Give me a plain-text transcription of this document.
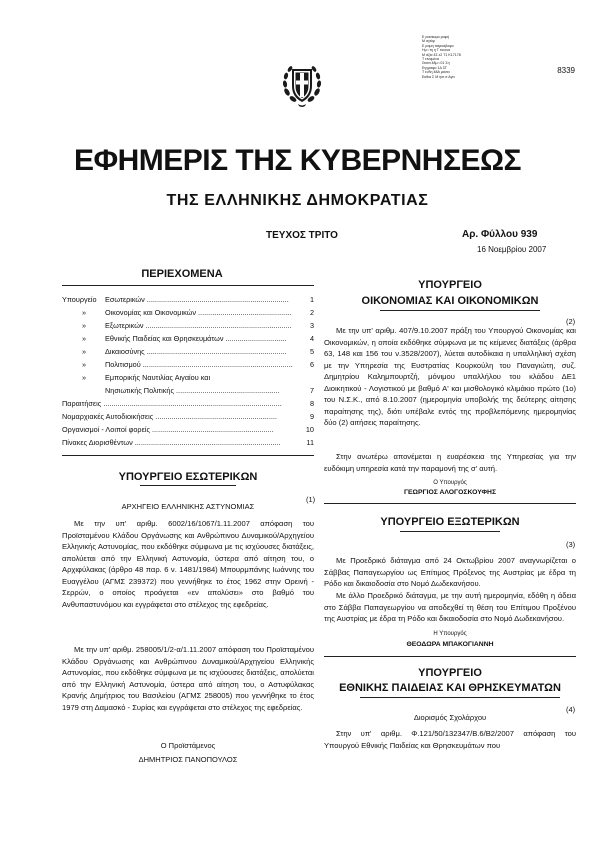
Ε ρασκαμο ροφή
Μ αγιάμ
Ε ραμη παροαβοφο
Ημ ι τη η Τ τοιουα
Μ άζια 4Σ ε2 Τ1 Κ17178
Τ ειναμένα
Στασι 48μ ι 01 Ση
Εγγραφο 1Δ 3Τ
Τ ενδη 48Α μανια
Εκθια Σ Μ ησι σ Αγιν
8339
ΕΦΗΜΕΡΙΣ ΤΗΣ ΚΥΒΕΡΝΗΣΕΩΣ
ΤΗΣ ΕΛΛΗΝΙΚΗΣ ΔΗΜΟΚΡΑΤΙΑΣ
ΤΕΥΧΟΣ ΤΡΙΤΟ	Αρ. Φύλλου 939
16 Νοεμβρίου 2007
ΠΕΡΙΕΧΟΜΕΝΑ
Υπουργείο	Εσωτερικών ......................................................................	1
»	Οικονομίας και Οικονομικών ..............................................	2
»	Εξωτερικών ........................................................................	3
»	Εθνικής Παιδείας και Θρησκευμάτων ..............................	4
»	Δικαιοσύνης .....................................................................	5
»	Πολιτισμού ..........................................................................	6
»	Εμπορικής Ναυτιλίας Αιγαίου και
Νησιωτικής Πολιτικής ...................................................	7
Παραιτήσεις ........................................................................................	8
Νομαρχιακές Αυτοδιοικήσεις ............................................................	9
Οργανισμοί - Λοιποί φορείς ............................................................	10
Πίνακες Διορισθέντων ........................................................................	11
ΥΠΟΥΡΓΕΙΟ ΕΣΩΤΕΡΙΚΩΝ
(1)
ΑΡΧΗΓΕΙΟ ΕΛΛΗΝΙΚΗΣ ΑΣΤΥΝΟΜΙΑΣ

Με την υπ' αριθμ. 6002/16/1067/1.11.2007 απόφαση του Προϊσταμένου Κλάδου Οργάνωσης και Ανθρώπινου Δυναμικού/Αρχηγείου Ελληνικής Αστυνομίας, που εκδόθηκε σύμφωνα με τις ισχύουσες διατάξεις, απολύεται από την Ελληνική Αστυνομία, ύστερα από αίτηση του, ο Αρχιφύλακας (άρθρο 48 παρ. 6 ν. 1481/1984) Μπουρμπάνης Ιωάννης του Ευαγγέλου (ΑΓΜΣ 239372) που γεννήθηκε το έτος 1962 στην Ορεινή - Σερρών, ο οποίος προάγεται «εν απολύσει» στο βαθμό του Ανθυπαστυνόμου και εγγράφεται στο στέλεχος της εφεδρείας.

Με την υπ' αριθμ. 258005/1/2-α/1.11.2007 απόφαση του Προϊσταμένου Κλάδου Οργάνωσης και Ανθρώπινου Δυναμικού/Αρχηγείου Ελληνικής Αστυνομίας, που εκδόθηκε σύμφωνα με τις ισχύουσες διατάξεις, απολύεται από την Ελληνική Αστυνομία, ύστερα από αίτηση του, ο Αστυφύλακας Κρανής Δημήτριος του Βασιλείου (ΑΓΜΣ 258005) που γεννήθηκε το έτος 1979 στη Δαμασκό - Συρίας και εγγράφεται στο στέλεχος της εφεδρείας.

Ο Προϊστάμενος
ΔΗΜΗΤΡΙΟΣ ΠΑΝΟΠΟΥΛΟΣ
ΥΠΟΥΡΓΕΙΟ
ΟΙΚΟΝΟΜΙΑΣ ΚΑΙ ΟΙΚΟΝΟΜΙΚΩΝ
(2)

Με την υπ' αριθμ. 407/9.10.2007 πράξη του Υπουργού Οικονομίας και Οικονομικών, η οποία εκδόθηκε σύμφωνα με τις κείμενες διατάξεις (άρθρα 63, 148 και 156 του ν.3528/2007), λύεται αυτοδίκαια η υπαλληλική σχέση με την Υπηρεσία της Ευστρατίας Κουρκούλη του Παναγιώτη, συζ. Δημητρίου Καλημπουρτζή, μόνιμου υπαλλήλου του κλάδου ΔΕ1 Διοικητικού - Λογιστικού με βαθμό Α' και μισθολογικό κλιμάκιο πρώτο (1ο) του Ν.Σ.Κ., από 8.10.2007 (ημερομηνία υποβολής της δεύτερης αίτησης παραίτησης της), διότι υπέβαλε εντός της προβλεπόμενης ημερομηνίας δύο (2) αιτήσεις παραίτησης.

Στην ανωτέρω απονέμεται η ευαρέσκεια της Υπηρεσίας για την ευδόκιμη υπηρεσία κατά την παραμονή της σ' αυτή.

Ο Υπουργός
ΓΕΩΡΓΙΟΣ ΑΛΟΓΟΣΚΟΥΦΗΣ
ΥΠΟΥΡΓΕΙΟ ΕΞΩΤΕΡΙΚΩΝ
(3)

Με Προεδρικό διάταγμα από 24 Οκτωβρίου 2007 αναγνωρίζεται ο Σάββας Παπαγεωργίου ως Επίτιμος Πρόξενος της Αυστρίας με έδρα τη Ρόδο και δικαιοδοσία στο Νομό Δωδεκανήσου.

Με άλλο Προεδρικό διάταγμα, με την αυτή ημερομηνία, εδόθη η άδεια στο Σάββα Παπαγεωργίου να αποδεχθεί τη θέση του Επίτιμου Προξένου της Αυστρίας με έδρα τη Ρόδο και δικαιοδοσία στο Νομό Δωδεκανήσου.

Η Υπουργός
ΘΕΟΔΩΡΑ ΜΠΑΚΟΓΙΑΝΝΗ
ΥΠΟΥΡΓΕΙΟ
ΕΘΝΙΚΗΣ ΠΑΙΔΕΙΑΣ ΚΑΙ ΘΡΗΣΚΕΥΜΑΤΩΝ
(4)
Διορισμός Σχολάρχου

Στην υπ' αριθμ. Φ.121/50/132347/Β.6/Β2/2007 απόφαση του Υπουργού Εθνικής Παιδείας και Θρησκευμάτων που
